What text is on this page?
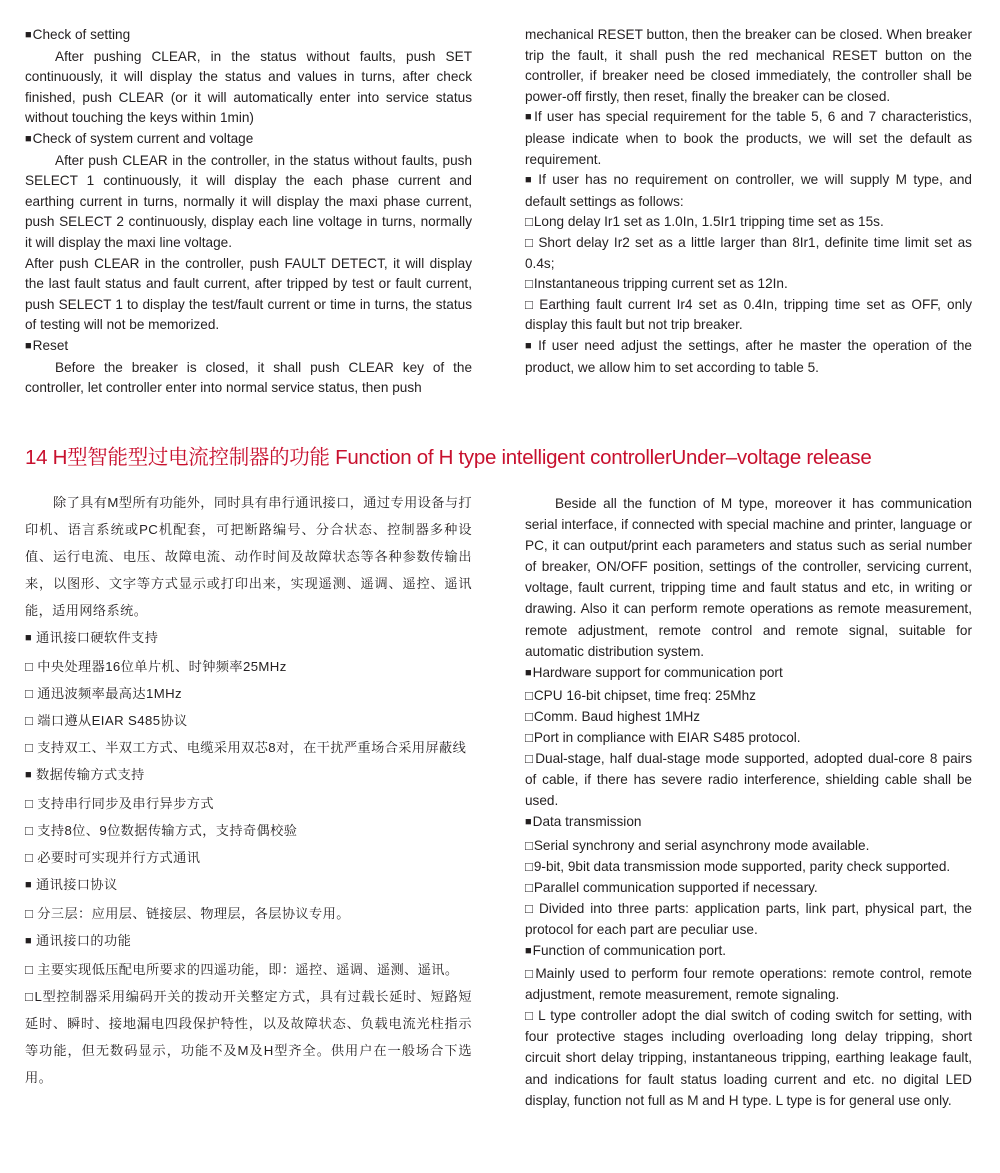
■ Check of setting

After pushing CLEAR, in the status without faults, push SET continuously, it will display the status and values in turns, after check finished, push CLEAR (or it will automatically enter into service status without touching the keys within 1min)

■ Check of system current and voltage

After push CLEAR in the controller, in the status without faults, push SELECT 1 continuously, it will display the each phase current and earthing current in turns, normally it will display the maxi phase current, push SELECT 2 continuously, display each line voltage in turns, normally it will display the maxi line voltage.

After push CLEAR in the controller, push FAULT DETECT, it will display the last fault status and fault current, after tripped by test or fault current, push SELECT 1 to display the test/fault current or time in turns, the status of testing will not be memorized.

■ Reset

Before the breaker is closed, it shall push CLEAR key of the controller, let controller enter into normal service status, then push

mechanical RESET button, then the breaker can be closed. When breaker trip the fault, it shall push the red mechanical RESET button on the controller, if breaker need be closed immediately, the controller shall be power-off firstly, then reset, finally the breaker can be closed.

■ If user has special requirement for the table 5, 6 and 7 characteristics, please indicate when to book the products, we will set the default as requirement.

■ If user has no requirement on controller, we will supply M type, and default settings as follows:

□ Long delay Ir1 set as 1.0In, 1.5Ir1 tripping time set as 15s.

□ Short delay Ir2 set as a little larger than 8Ir1, definite time limit set as 0.4s;

□ Instantaneous tripping current set as 12In.

□ Earthing fault current Ir4 set as 0.4In, tripping time set as OFF, only display this fault but not trip breaker.

■ If user need adjust the settings, after he master the operation of the product, we allow him to set according to table 5.

14 H型智能型过电流控制器的功能 Function of H type intelligent controllerUnder–voltage release

除了具有M型所有功能外，同时具有串行通讯接口，通过专用设备与打印机、语言系统或PC机配套，可把断路编号、分合状态、控制器多种设值、运行电流、电压、故障电流、动作时间及故障状态等各种参数传输出来，以图形、文字等方式显示或打印出来，实现遥测、遥调、遥控、遥讯能，适用网络系统。

■ 通讯接口硬软件支持

□ 中央处理器16位单片机、时钟频率25MHz

□ 通迅波频率最高达1MHz

□ 端口遵从EIAR S485协议

□ 支持双工、半双工方式、电缆采用双芯8对，在干扰严重场合采用屏蔽线

■ 数据传输方式支持

□ 支持串行同步及串行异步方式

□ 支持8位、9位数据传输方式，支持奇偶校验

□ 必要时可实现并行方式通讯

■ 通讯接口协议

□ 分三层：应用层、链接层、物理层，各层协议专用。

■ 通讯接口的功能

□ 主要实现低压配电所要求的四遥功能，即：遥控、遥调、遥测、遥讯。

□ L型控制器采用编码开关的拨动开关整定方式，具有过载长延时、短路短延时、瞬时、接地漏电四段保护特性，以及故障状态、负载电流光柱指示等功能，但无数码显示，功能不及M及H型齐全。供用户在一般场合下选用。

Beside all the function of M type, moreover it has communication serial interface, if connected with special machine and printer, language or PC, it can output/print each parameters and status such as serial number of breaker, ON/OFF position, settings of the controller, servicing current, voltage, fault current, tripping time and fault status and etc, in writing or drawing. Also it can perform remote operations as remote measurement, remote adjustment, remote control and remote signal, suitable for automatic distribution system.

■ Hardware support for communication port

□ CPU 16-bit chipset, time freq: 25Mhz

□ Comm. Baud highest 1MHz

□ Port in compliance with EIAR S485 protocol.

□ Dual-stage, half dual-stage mode supported, adopted dual-core 8 pairs of cable, if there has severe radio interference, shielding cable shall be used.

■ Data transmission

□ Serial synchrony and serial asynchrony mode available.

□ 9-bit, 9bit data transmission mode supported, parity check supported.

□ Parallel communication supported if necessary.

□ Divided into three parts: application parts, link part, physical part, the protocol for each part are peculiar use.

■ Function of communication port.

□ Mainly used to perform four remote operations: remote control, remote adjustment, remote measurement, remote signaling.

□ L type controller adopt the dial switch of coding switch for setting, with four protective stages including overloading long delay tripping, short circuit short delay tripping, instantaneous tripping, earthing leakage fault, and indications for fault status loading current and etc. no digital LED display, function not full as M and H type. L type is for general use only.
